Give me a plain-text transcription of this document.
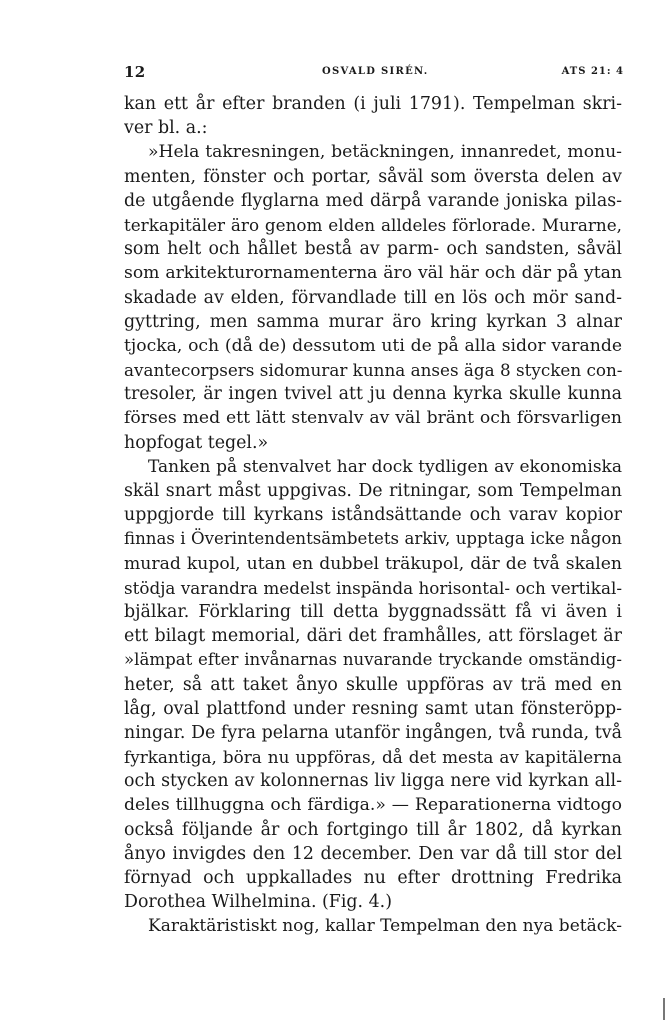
12	OSVALD SIRÉN.	ATS 21: 4
kan ett år efter branden (i juli 1791). Tempelman skri-
ver bl. a.:
»Hela takresningen, betäckningen, innanredet, monu-
menten, fönster och portar, såväl som översta delen av
de utgående flyglarna med därpå varande joniska pilas-
terkapitäler äro genom elden alldeles förlorade. Murarne,
som helt och hållet bestå av parm- och sandsten, såväl
som arkitekturornamenterna äro väl här och där på ytan
skadade av elden, förvandlade till en lös och mör sand-
gyttring, men samma murar äro kring kyrkan 3 alnar
tjocka, och (då de) dessutom uti de på alla sidor varande
avantecorpsers sidomurar kunna anses äga 8 stycken con-
tresoler, är ingen tvivel att ju denna kyrka skulle kunna
förses med ett lätt stenvalv av väl bränt och försvarligen
hopfogat tegel.»
Tanken på stenvalvet har dock tydligen av ekonomiska
skäl snart måst uppgivas. De ritningar, som Tempelman
uppgjorde till kyrkans iståndsättande och varav kopior
finnas i Överintendentsämbetets arkiv, upptaga icke någon
murad kupol, utan en dubbel träkupol, där de två skalen
stödja varandra medelst inspända horisontal- och vertikal-
bjälkar. Förklaring till detta byggnadssätt få vi även i
ett bilagt memorial, däri det framhålles, att förslaget är
»lämpat efter invånarnas nuvarande tryckande omständig-
heter, så att taket ånyo skulle uppföras av trä med en
låg, oval plattfond under resning samt utan fönsteröpp-
ningar. De fyra pelarna utanför ingången, två runda, två
fyrkantiga, böra nu uppföras, då det mesta av kapitälerna
och stycken av kolonnernas liv ligga nere vid kyrkan all-
deles tillhuggna och färdiga.» — Reparationerna vidtogo
också följande år och fortgingo till år 1802, då kyrkan
ånyo invigdes den 12 december. Den var då till stor del
förnyad och uppkallades nu efter drottning Fredrika
Dorothea Wilhelmina. (Fig. 4.)
Karaktäristiskt nog, kallar Tempelman den nya betäck-
